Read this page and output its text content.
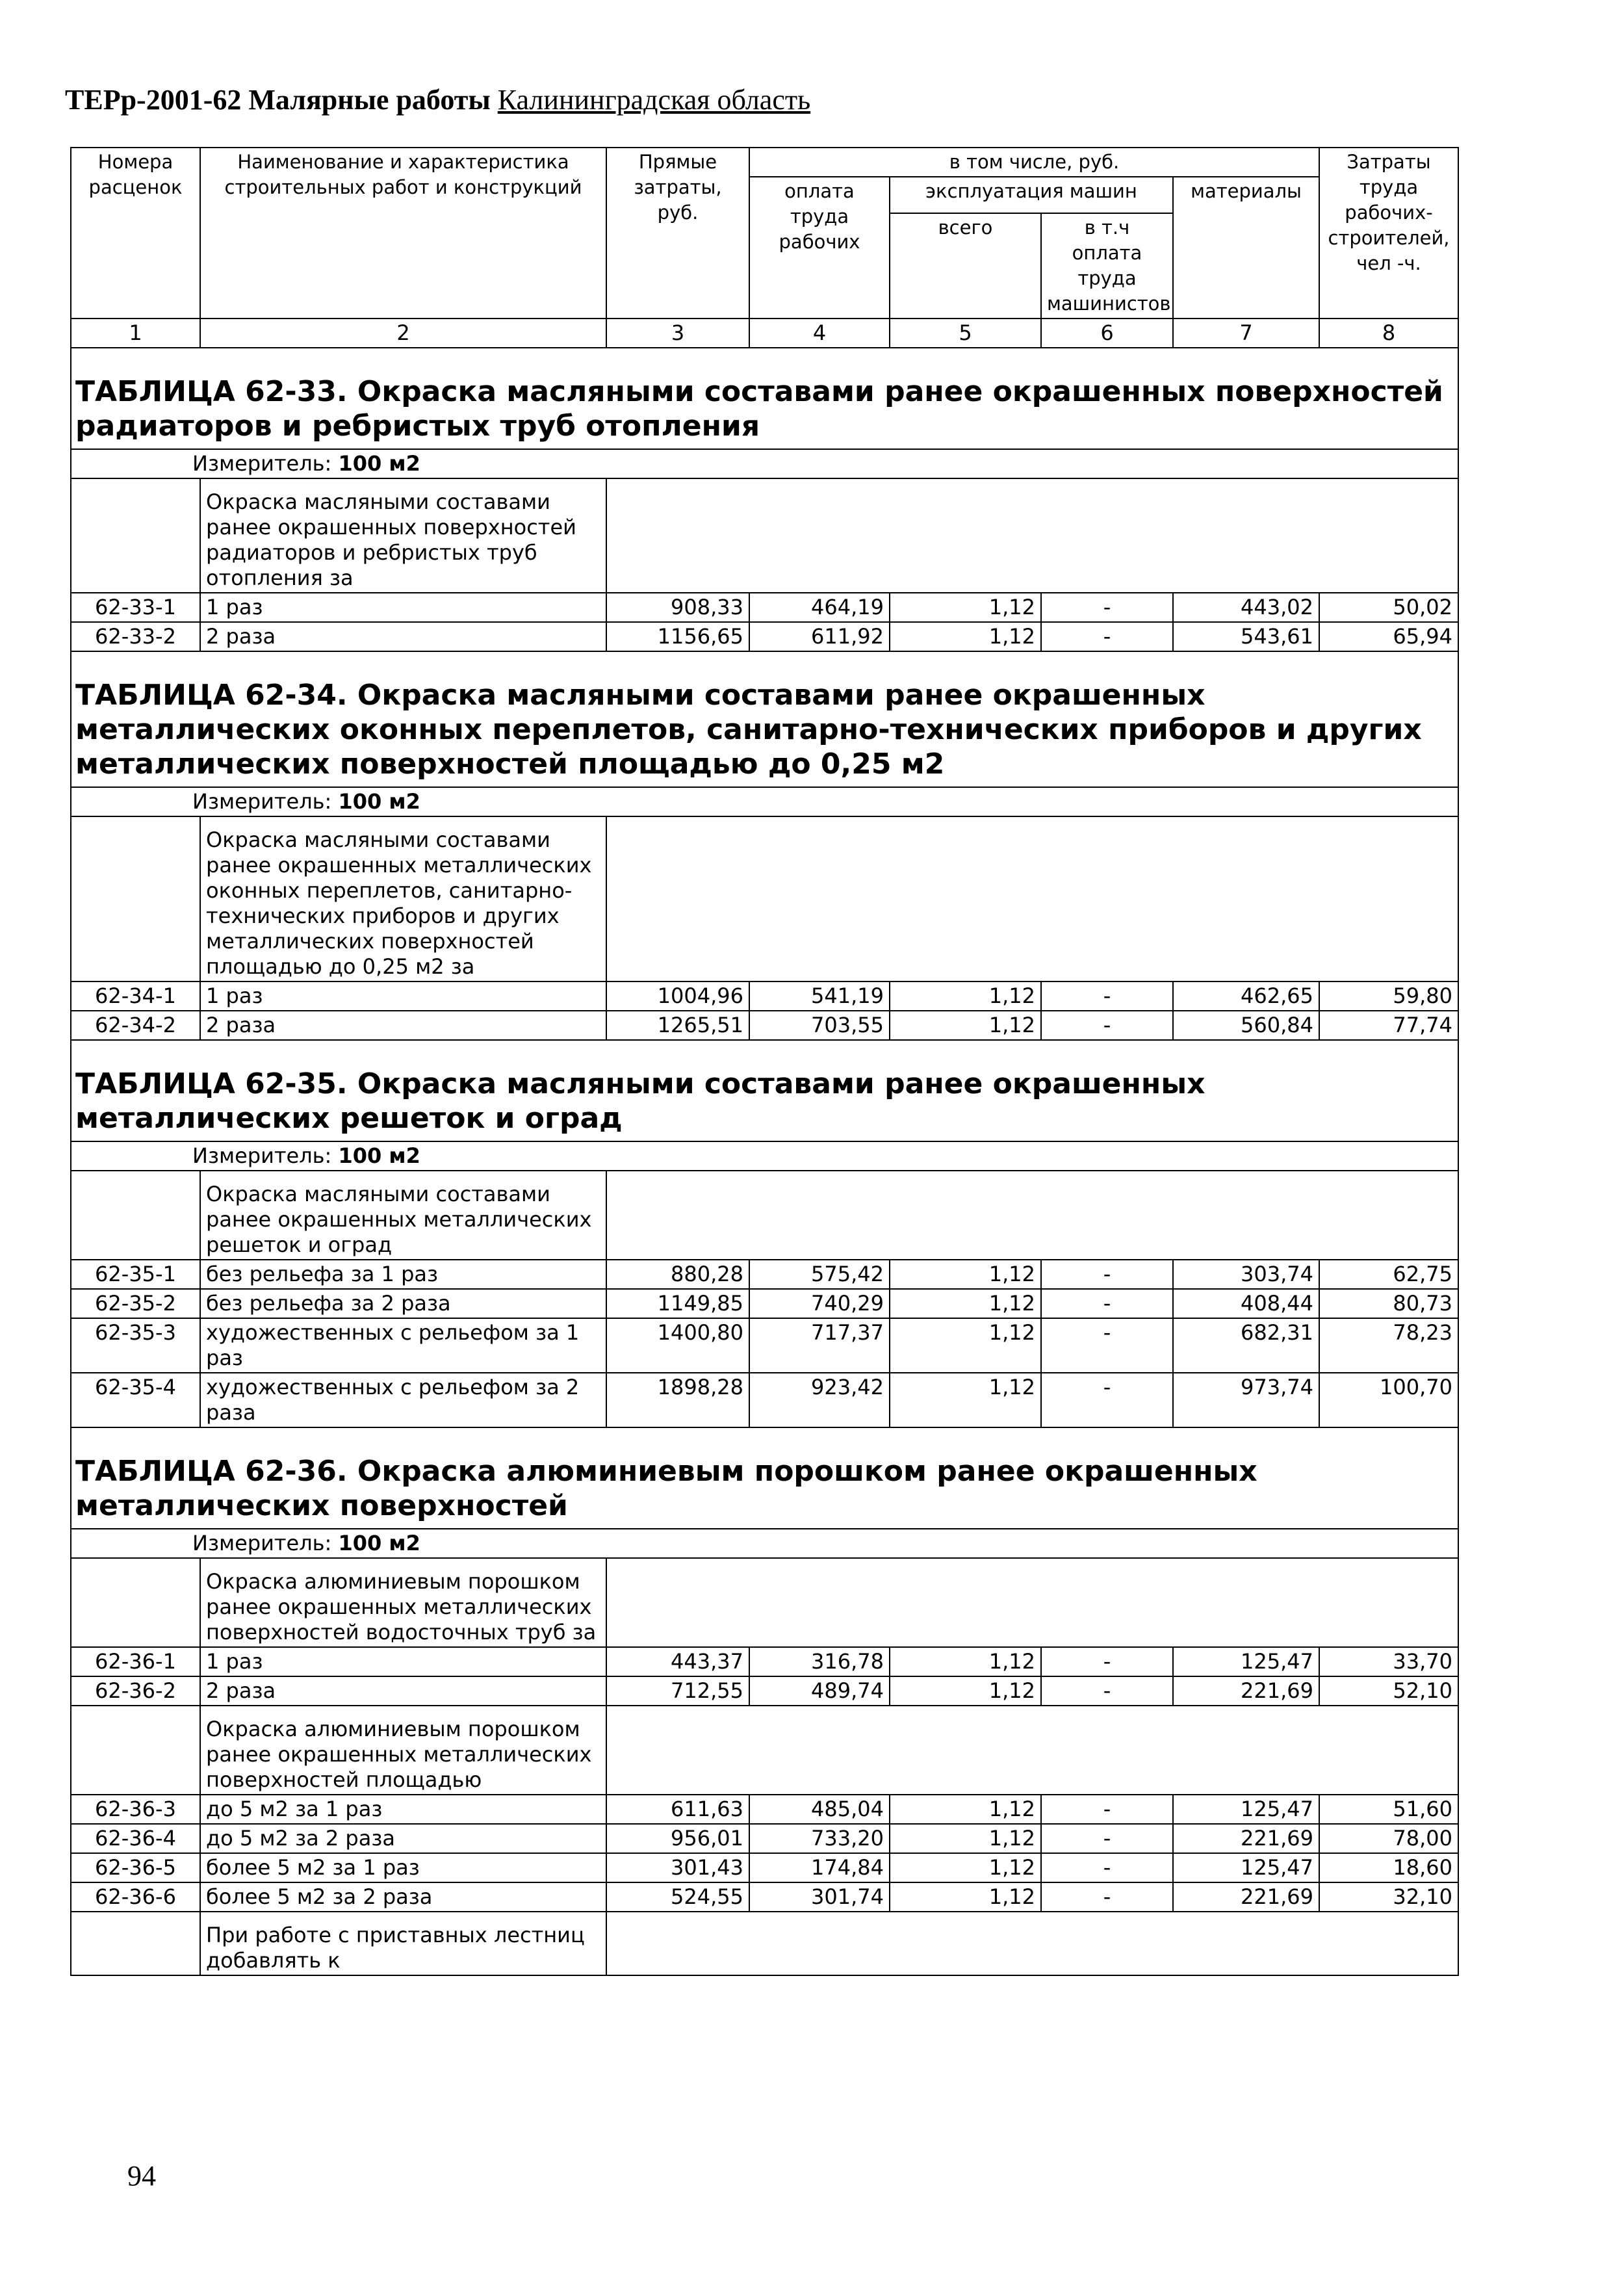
ТЕРр-2001-62 Малярные работы Калининградская область
Номера расценок	Наименование и характеристика строительных работ и конструкций	Прямые затраты, руб.	в том числе, руб.				Затраты труда рабочих-строителей, чел -ч.
			оплата труда рабочих	эксплуатация машин		материалы	
				всего	в т.ч оплата труда машинистов		
1	2	3	4	5	6	7	8
ТАБЛИЦА 62-33. Окраска масляными составами ранее окрашенных поверхностей радиаторов и ребристых труб отопления							
Измеритель: 100 м2							
	Окраска масляными составами ранее окрашенных поверхностей радиаторов и ребристых труб отопления за						
62-33-1	1 раз	908,33	464,19	1,12	-	443,02	50,02
62-33-2	2 раза	1156,65	611,92	1,12	-	543,61	65,94
ТАБЛИЦА 62-34. Окраска масляными составами ранее окрашенных металлических оконных переплетов, санитарно-технических приборов и других металлических поверхностей площадью до 0,25 м2							
Измеритель: 100 м2							
	Окраска масляными составами ранее окрашенных металлических оконных переплетов, санитарно-технических приборов и других металлических поверхностей площадью до 0,25 м2 за						
62-34-1	1 раз	1004,96	541,19	1,12	-	462,65	59,80
62-34-2	2 раза	1265,51	703,55	1,12	-	560,84	77,74
ТАБЛИЦА 62-35. Окраска масляными составами ранее окрашенных металлических решеток и оград							
Измеритель: 100 м2							
	Окраска масляными составами ранее окрашенных металлических решеток и оград						
62-35-1	без рельефа за 1 раз	880,28	575,42	1,12	-	303,74	62,75
62-35-2	без рельефа за 2 раза	1149,85	740,29	1,12	-	408,44	80,73
62-35-3	художественных с рельефом за 1 раз	1400,80	717,37	1,12	-	682,31	78,23
62-35-4	художественных с рельефом за 2 раза	1898,28	923,42	1,12	-	973,74	100,70
ТАБЛИЦА 62-36. Окраска алюминиевым порошком ранее окрашенных металлических поверхностей							
Измеритель: 100 м2							
	Окраска алюминиевым порошком ранее окрашенных металлических поверхностей водосточных труб за						
62-36-1	1 раз	443,37	316,78	1,12	-	125,47	33,70
62-36-2	2 раза	712,55	489,74	1,12	-	221,69	52,10
	Окраска алюминиевым порошком ранее окрашенных металлических поверхностей площадью						
62-36-3	до 5 м2 за 1 раз	611,63	485,04	1,12	-	125,47	51,60
62-36-4	до 5 м2 за 2 раза	956,01	733,20	1,12	-	221,69	78,00
62-36-5	более 5 м2 за 1 раз	301,43	174,84	1,12	-	125,47	18,60
62-36-6	более 5 м2 за 2 раза	524,55	301,74	1,12	-	221,69	32,10
	При работе с приставных лестниц добавлять к						
94
